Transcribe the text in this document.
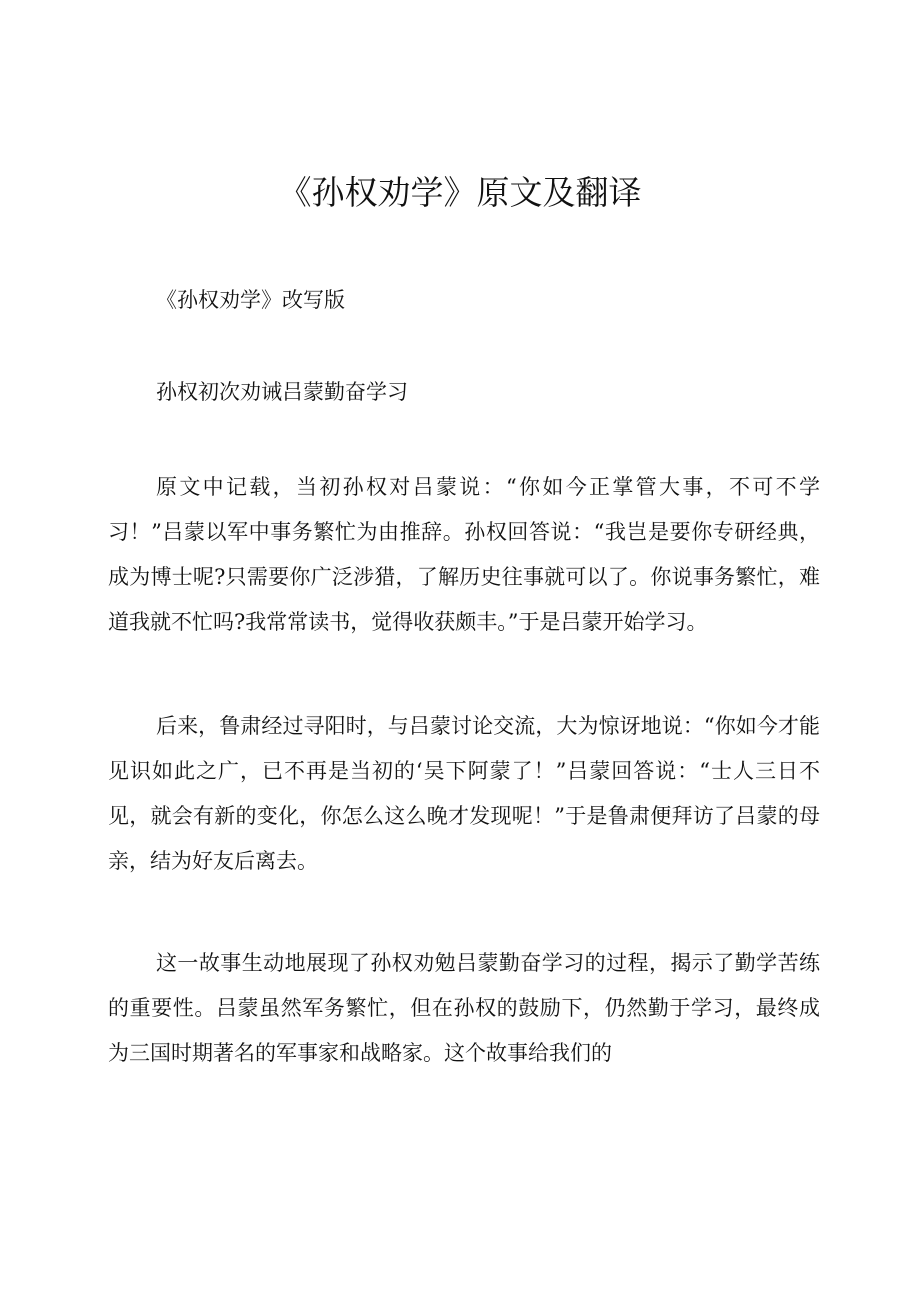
《孙权劝学》原文及翻译

《孙权劝学》改写版

孙权初次劝诫吕蒙勤奋学习

原文中记载，当初孙权对吕蒙说：“你如今正掌管大事，不可不学习！”吕蒙以军中事务繁忙为由推辞。孙权回答说：“我岂是要你专研经典，成为博士呢?只需要你广泛涉猎，了解历史往事就可以了。你说事务繁忙，难道我就不忙吗?我常常读书，觉得收获颇丰。”于是吕蒙开始学习。

后来，鲁肃经过寻阳时，与吕蒙讨论交流，大为惊讶地说：“你如今才能见识如此之广，已不再是当初的‘吴下阿蒙了！”吕蒙回答说：“士人三日不见，就会有新的变化，你怎么这么晚才发现呢！”于是鲁肃便拜访了吕蒙的母亲，结为好友后离去。

这一故事生动地展现了孙权劝勉吕蒙勤奋学习的过程，揭示了勤学苦练的重要性。吕蒙虽然军务繁忙，但在孙权的鼓励下，仍然勤于学习，最终成为三国时期著名的军事家和战略家。这个故事给我们的
